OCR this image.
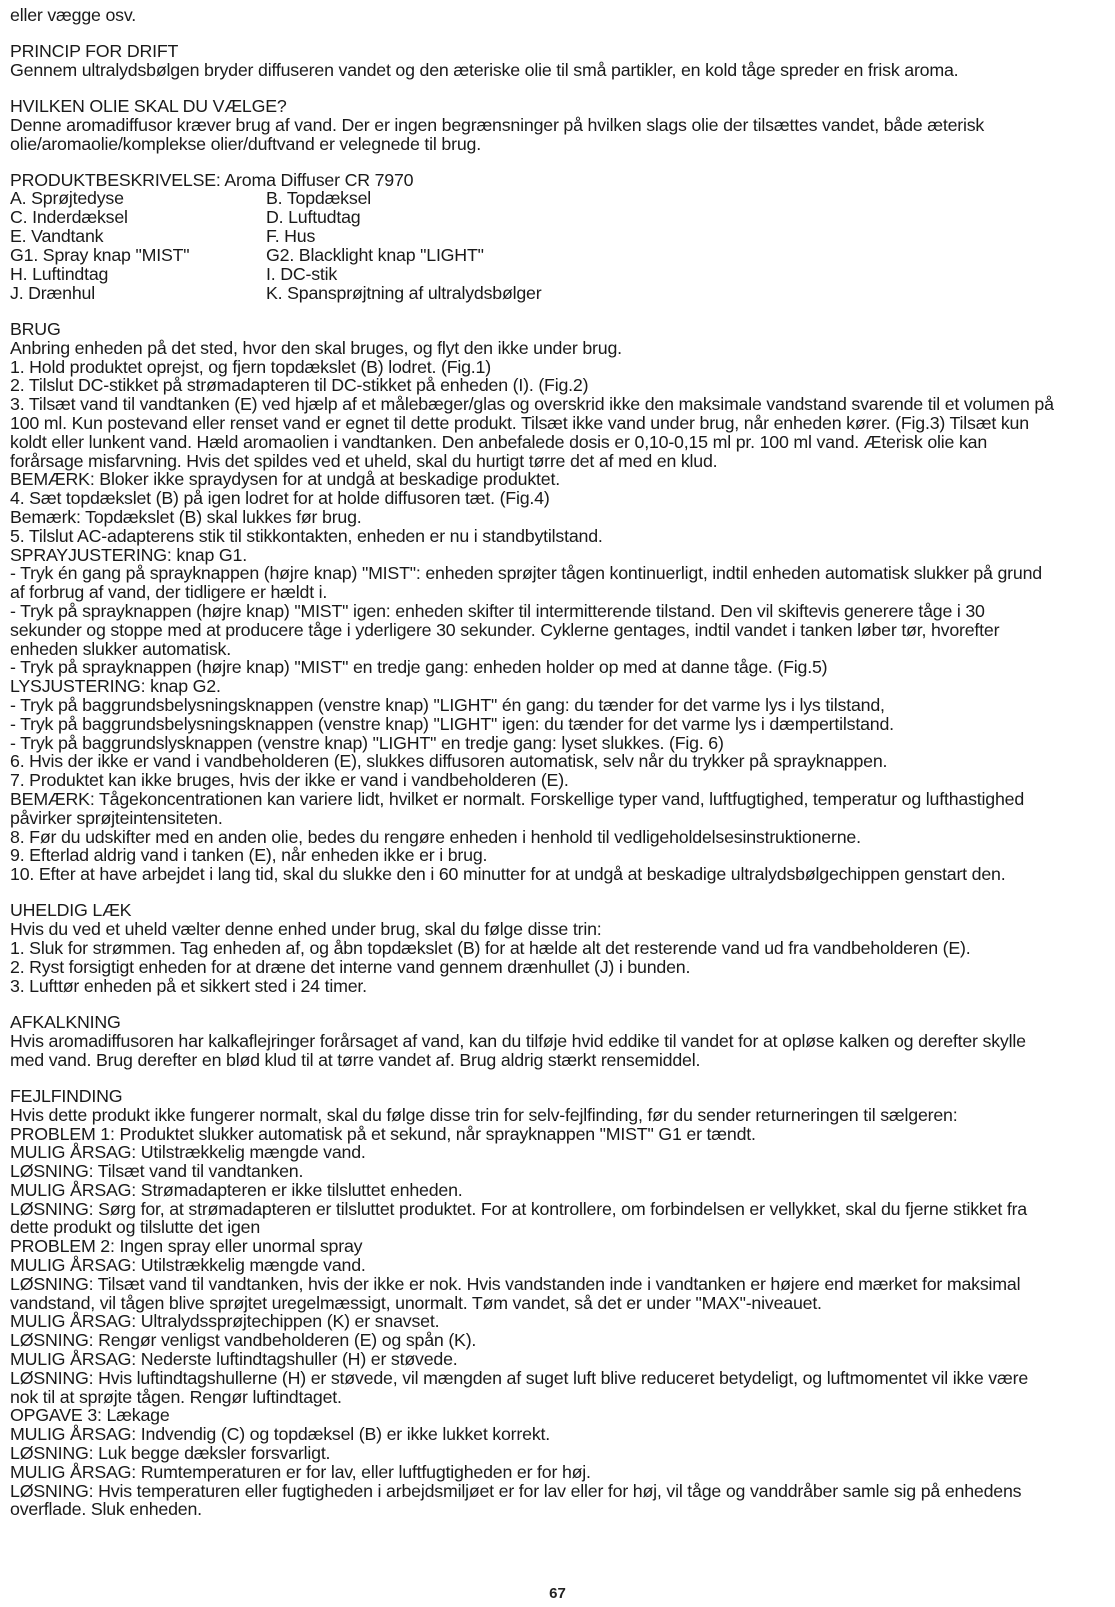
eller vægge osv.
PRINCIP FOR DRIFT
Gennem ultralydsbølgen bryder diffuseren vandet og den æteriske olie til små partikler, en kold tåge spreder en frisk aroma.
HVILKEN OLIE SKAL DU VÆLGE?
Denne aromadiffusor kræver brug af vand. Der er ingen begrænsninger på hvilken slags olie der tilsættes vandet, både æterisk
olie/aromaolie/komplekse olier/duftvand er velegnede til brug.
PRODUKTBESKRIVELSE: Aroma Diffuser CR 7970
A. Sprøjtedyse	B. Topdæksel
C. Inderdæksel	D. Luftudtag
E. Vandtank	F. Hus
G1. Spray knap "MIST"	G2. Blacklight knap "LIGHT"
H. Luftindtag	I. DC-stik
J. Drænhul	K. Spansprøjtning af ultralydsbølger
BRUG
Anbring enheden på det sted, hvor den skal bruges, og flyt den ikke under brug.
1. Hold produktet oprejst, og fjern topdækslet (B) lodret. (Fig.1)
2. Tilslut DC-stikket på strømadapteren til DC-stikket på enheden (I). (Fig.2)
3. Tilsæt vand til vandtanken (E) ved hjælp af et målebæger/glas og overskrid ikke den maksimale vandstand svarende til et volumen på
100 ml. Kun postevand eller renset vand er egnet til dette produkt. Tilsæt ikke vand under brug, når enheden kører. (Fig.3) Tilsæt kun
koldt eller lunkent vand. Hæld aromaolien i vandtanken. Den anbefalede dosis er 0,10-0,15 ml pr. 100 ml vand. Æterisk olie kan
forårsage misfarvning. Hvis det spildes ved et uheld, skal du hurtigt tørre det af med en klud.
BEMÆRK: Bloker ikke spraydysen for at undgå at beskadige produktet.
4. Sæt topdækslet (B) på igen lodret for at holde diffusoren tæt. (Fig.4)
Bemærk: Topdækslet (B) skal lukkes før brug.
5. Tilslut AC-adapterens stik til stikkontakten, enheden er nu i standbytilstand.
SPRAYJUSTERING: knap G1.
- Tryk én gang på sprayknappen (højre knap) "MIST": enheden sprøjter tågen kontinuerligt, indtil enheden automatisk slukker på grund
af forbrug af vand, der tidligere er hældt i.
- Tryk på sprayknappen (højre knap) "MIST" igen: enheden skifter til intermitterende tilstand. Den vil skiftevis generere tåge i 30
sekunder og stoppe med at producere tåge i yderligere 30 sekunder. Cyklerne gentages, indtil vandet i tanken løber tør, hvorefter
enheden slukker automatisk.
- Tryk på sprayknappen (højre knap) "MIST" en tredje gang: enheden holder op med at danne tåge. (Fig.5)
LYSJUSTERING: knap G2.
- Tryk på baggrundsbelysningsknappen (venstre knap) "LIGHT" én gang: du tænder for det varme lys i lys tilstand,
- Tryk på baggrundsbelysningsknappen (venstre knap) "LIGHT" igen: du tænder for det varme lys i dæmpertilstand.
- Tryk på baggrundslysknappen (venstre knap) "LIGHT" en tredje gang: lyset slukkes. (Fig. 6)
6. Hvis der ikke er vand i vandbeholderen (E), slukkes diffusoren automatisk, selv når du trykker på sprayknappen.
7. Produktet kan ikke bruges, hvis der ikke er vand i vandbeholderen (E).
BEMÆRK: Tågekoncentrationen kan variere lidt, hvilket er normalt. Forskellige typer vand, luftfugtighed, temperatur og lufthastighed
påvirker sprøjteintensiteten.
8. Før du udskifter med en anden olie, bedes du rengøre enheden i henhold til vedligeholdelsesinstruktionerne.
9. Efterlad aldrig vand i tanken (E), når enheden ikke er i brug.
10. Efter at have arbejdet i lang tid, skal du slukke den i 60 minutter for at undgå at beskadige ultralydsbølgechippen genstart den.
UHELDIG LÆK
Hvis du ved et uheld vælter denne enhed under brug, skal du følge disse trin:
1. Sluk for strømmen. Tag enheden af, og åbn topdækslet (B) for at hælde alt det resterende vand ud fra vandbeholderen (E).
2. Ryst forsigtigt enheden for at dræne det interne vand gennem drænhullet (J) i bunden.
3. Lufttør enheden på et sikkert sted i 24 timer.
AFKALKNING
Hvis aromadiffusoren har kalkaflejringer forårsaget af vand, kan du tilføje hvid eddike til vandet for at opløse kalken og derefter skylle
med vand. Brug derefter en blød klud til at tørre vandet af. Brug aldrig stærkt rensemiddel.
FEJLFINDING
Hvis dette produkt ikke fungerer normalt, skal du følge disse trin for selv-fejlfinding, før du sender returneringen til sælgeren:
PROBLEM 1: Produktet slukker automatisk på et sekund, når sprayknappen "MIST" G1 er tændt.
MULIG ÅRSAG: Utilstrækkelig mængde vand.
LØSNING: Tilsæt vand til vandtanken.
MULIG ÅRSAG: Strømadapteren er ikke tilsluttet enheden.
LØSNING: Sørg for, at strømadapteren er tilsluttet produktet. For at kontrollere, om forbindelsen er vellykket, skal du fjerne stikket fra
dette produkt og tilslutte det igen
PROBLEM 2: Ingen spray eller unormal spray
MULIG ÅRSAG: Utilstrækkelig mængde vand.
LØSNING: Tilsæt vand til vandtanken, hvis der ikke er nok. Hvis vandstanden inde i vandtanken er højere end mærket for maksimal
vandstand, vil tågen blive sprøjtet uregelmæssigt, unormalt. Tøm vandet, så det er under "MAX"-niveauet.
MULIG ÅRSAG: Ultralydssprøjtechippen (K) er snavset.
LØSNING: Rengør venligst vandbeholderen (E) og spån (K).
MULIG ÅRSAG: Nederste luftindtagshuller (H) er støvede.
LØSNING: Hvis luftindtagshullerne (H) er støvede, vil mængden af suget luft blive reduceret betydeligt, og luftmomentet vil ikke være
nok til at sprøjte tågen. Rengør luftindtaget.
OPGAVE 3: Lækage
MULIG ÅRSAG: Indvendig (C) og topdæksel (B) er ikke lukket korrekt.
LØSNING: Luk begge dæksler forsvarligt.
MULIG ÅRSAG: Rumtemperaturen er for lav, eller luftfugtigheden er for høj.
LØSNING: Hvis temperaturen eller fugtigheden i arbejdsmiljøet er for lav eller for høj, vil tåge og vanddråber samle sig på enhedens
overflade. Sluk enheden.
67
